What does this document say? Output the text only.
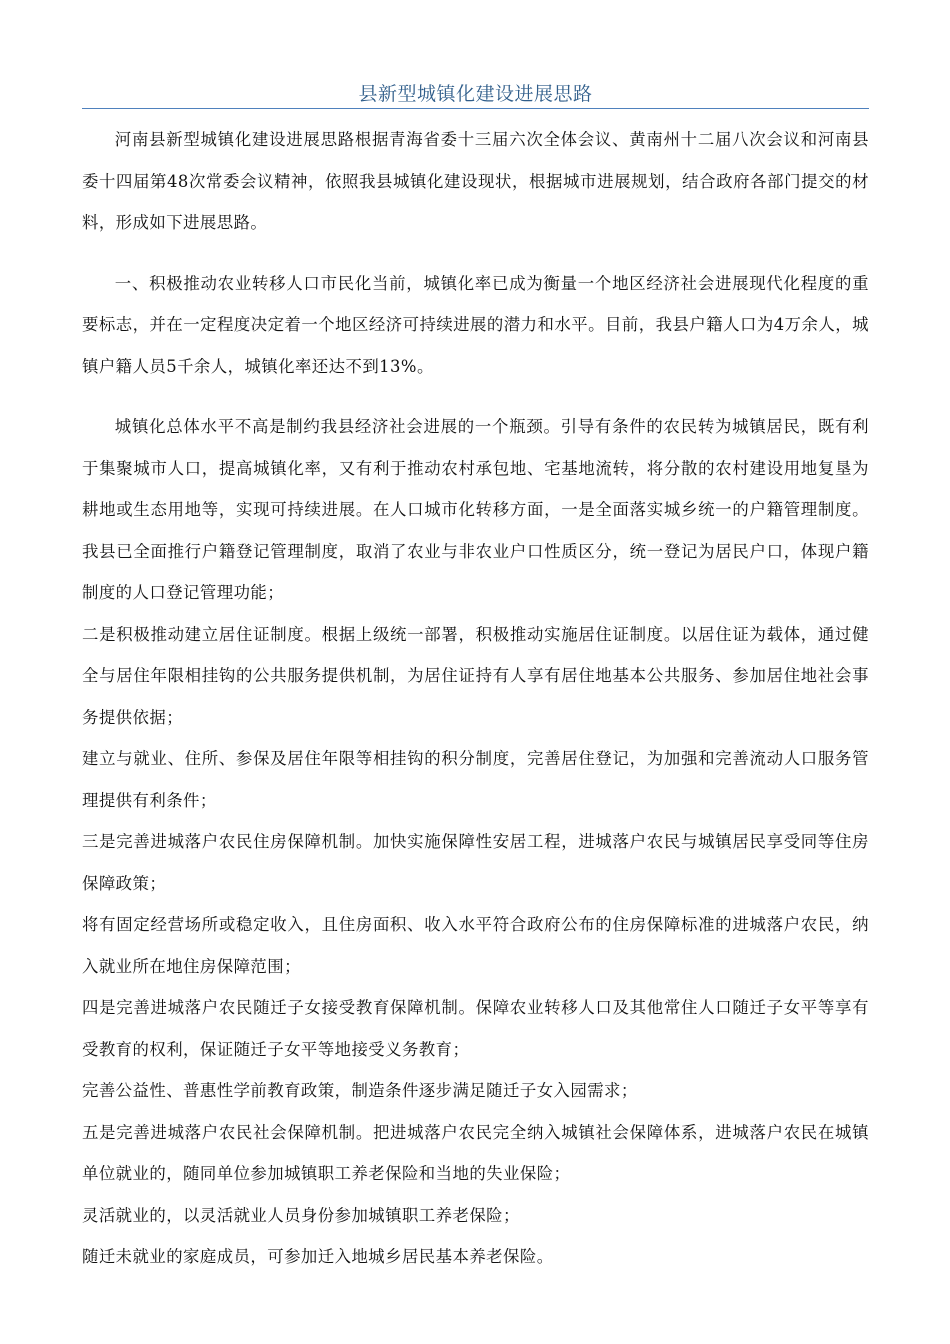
县新型城镇化建设进展思路

河南县新型城镇化建设进展思路根据青海省委十三届六次全体会议、黄南州十二届八次会议和河南县委十四届第48次常委会议精神，依照我县城镇化建设现状，根据城市进展规划，结合政府各部门提交的材料，形成如下进展思路。

一、积极推动农业转移人口市民化当前，城镇化率已成为衡量一个地区经济社会进展现代化程度的重要标志，并在一定程度决定着一个地区经济可持续进展的潜力和水平。目前，我县户籍人口为4万余人，城镇户籍人员5千余人，城镇化率还达不到13%。

城镇化总体水平不高是制约我县经济社会进展的一个瓶颈。引导有条件的农民转为城镇居民，既有利于集聚城市人口，提高城镇化率，又有利于推动农村承包地、宅基地流转，将分散的农村建设用地复垦为耕地或生态用地等，实现可持续进展。在人口城市化转移方面，一是全面落实城乡统一的户籍管理制度。我县已全面推行户籍登记管理制度，取消了农业与非农业户口性质区分，统一登记为居民户口，体现户籍制度的人口登记管理功能；

二是积极推动建立居住证制度。根据上级统一部署，积极推动实施居住证制度。以居住证为载体，通过健全与居住年限相挂钩的公共服务提供机制，为居住证持有人享有居住地基本公共服务、参加居住地社会事务提供依据；

建立与就业、住所、参保及居住年限等相挂钩的积分制度，完善居住登记，为加强和完善流动人口服务管理提供有利条件；

三是完善进城落户农民住房保障机制。加快实施保障性安居工程，进城落户农民与城镇居民享受同等住房保障政策；

将有固定经营场所或稳定收入，且住房面积、收入水平符合政府公布的住房保障标准的进城落户农民，纳入就业所在地住房保障范围；

四是完善进城落户农民随迁子女接受教育保障机制。保障农业转移人口及其他常住人口随迁子女平等享有受教育的权利，保证随迁子女平等地接受义务教育；

完善公益性、普惠性学前教育政策，制造条件逐步满足随迁子女入园需求；

五是完善进城落户农民社会保障机制。把进城落户农民完全纳入城镇社会保障体系，进城落户农民在城镇单位就业的，随同单位参加城镇职工养老保险和当地的失业保险；

灵活就业的，以灵活就业人员身份参加城镇职工养老保险；

随迁未就业的家庭成员，可参加迁入地城乡居民基本养老保险。
